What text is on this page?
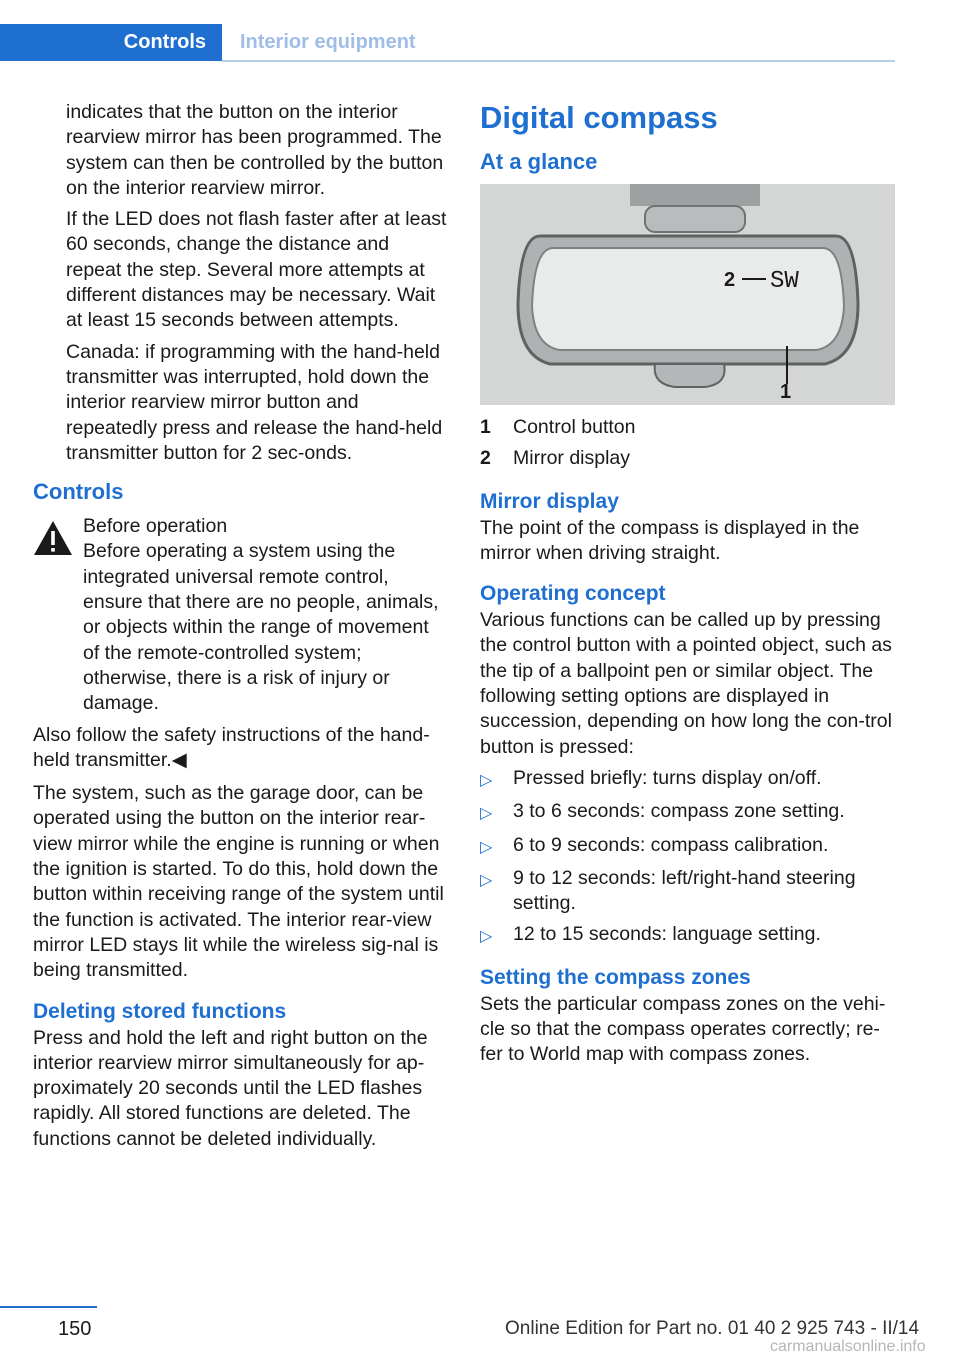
Controls	Interior equipment

indicates that the button on the interior rearview mirror has been programmed. The system can then be controlled by the button on the interior rearview mirror.

If the LED does not flash faster after at least 60 seconds, change the distance and repeat the step. Several more attempts at different distances may be necessary. Wait at least 15 seconds between attempts.

Canada: if programming with the hand-held transmitter was interrupted, hold down the interior rearview mirror button and repeatedly press and release the hand-held transmitter button for 2 sec-onds.

Controls
Before operation
Before operating a system using the integrated universal remote control, ensure that there are no people, animals, or objects within the range of movement of the remote-controlled system; otherwise, there is a risk of injury or damage.

Also follow the safety instructions of the hand-held transmitter.◀

The system, such as the garage door, can be operated using the button on the interior rear-view mirror while the engine is running or when the ignition is started. To do this, hold down the button within receiving range of the system until the function is activated. The interior rear-view mirror LED stays lit while the wireless sig-nal is being transmitted.

Deleting stored functions

Press and hold the left and right button on the interior rearview mirror simultaneously for ap-proximately 20 seconds until the LED flashes rapidly. All stored functions are deleted. The functions cannot be deleted individually.

Digital compass
At a glance
1
2 SW
1	Control button
2	Mirror display
Mirror display

The point of the compass is displayed in the mirror when driving straight.

Operating concept

Various functions can be called up by pressing the control button with a pointed object, such as the tip of a ballpoint pen or similar object. The following setting options are displayed in succession, depending on how long the con-trol button is pressed:

▷	Pressed briefly: turns display on/off.
▷	3 to 6 seconds: compass zone setting.
▷	6 to 9 seconds: compass calibration.
▷	9 to 12 seconds: left/right-hand steering setting.
▷	12 to 15 seconds: language setting.
Setting the compass zones

Sets the particular compass zones on the vehi-cle so that the compass operates correctly; re-fer to World map with compass zones.

150	Online Edition for Part no. 01 40 2 925 743 - II/14
carmanualsonline.info
